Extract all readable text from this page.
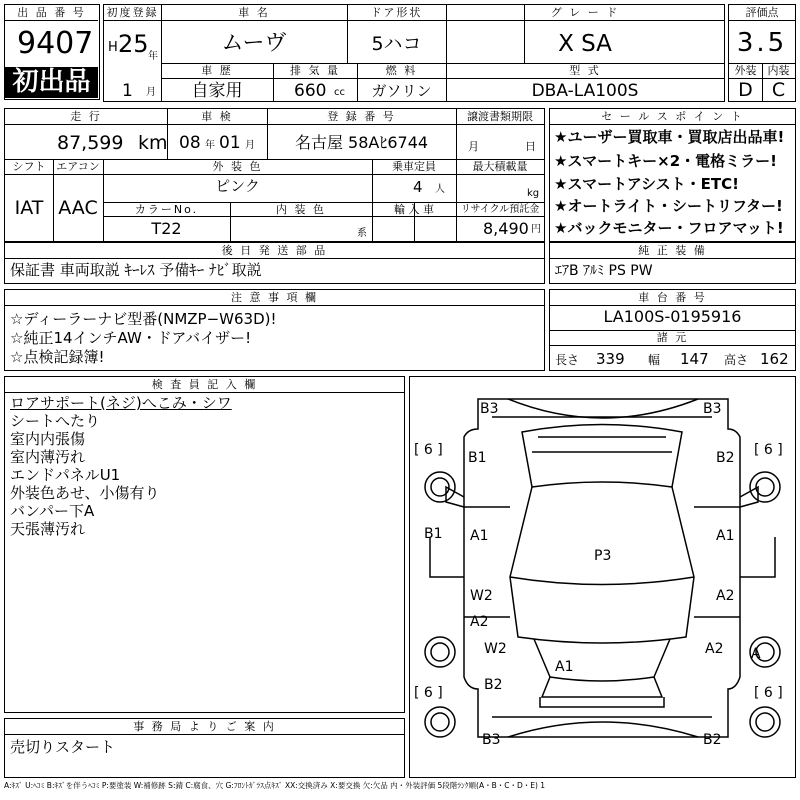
出 品 番 号
9407
初出品
初度登録
H 25 年
1 月
車 名
ムーヴ
ドア形状
5ハコ
グ レ ー ド
X SA
車 歴
自家用
排 気 量
660 cc
燃 料
ガソリン
型 式
DBA-LA100S
評価点
3.5
外装	内装
D	C
走 行
87,599 km
車 検
08 年 01 月
登 録 番 号
名古屋 58Aﾋ6744
譲渡書類期限
月	日
シフト エアコン
IAT AAC
外 装 色
ピンク
乗車定員
4 人
最大積載量
kg
カラーNo.
T22
内 装 色
系
輸 入 車	リサイクル預託金
8,490 円
セ ー ル ス ポ イ ン ト
★ユーザー買取車・買取店出品車!
★スマートキー×2・電格ミラー!
★スマートアシスト・ETC!
★オートライト・シートリフター!
★バックモニター・フロアマット!
後 日 発 送 部 品
保証書 車両取説 ｷｰﾚｽ 予備ｷｰ ﾅﾋﾞ取説
純 正 装 備
ｴｱB ｱﾙﾐ PS PW
注 意 事 項 欄
☆ディーラーナビ型番(NMZP−W63D)!
☆純正14インチAW・ドアバイザー!
☆点検記録簿!
車 台 番 号
LA100S-0195916
諸 元
長さ 339 幅 147 高さ 162
検 査 員 記 入 欄
ロアサポート(ネジ)へこみ・シワ
シートへたり
室内内張傷
室内薄汚れ
エンドパネルU1
外装色あせ、小傷有り
バンパー下A
天張薄汚れ
事 務 局 よ り ご 案 内
売切りスタート
B3	B3
[ 6 ]	[ 6 ]
B1	B2
B1 A1	A1
P3
W2	A2
A2
W2	A2 A
A1
B2
[ 6 ]	[ 6 ]
B3	B2
A:ｷｽﾞ U:ﾍｺﾐ B:ｷｽﾞを伴うﾍｺﾐ P:要塗装 W:補修跡 S:錆 C:腐食、穴 G:ﾌﾛﾝﾄｶﾞﾗｽ点ｷｽﾞ XX:交換済み X:要交換 欠:欠品 内・外装評価 5段階ﾗﾝｸ順(A・B・C・D・E) 1
